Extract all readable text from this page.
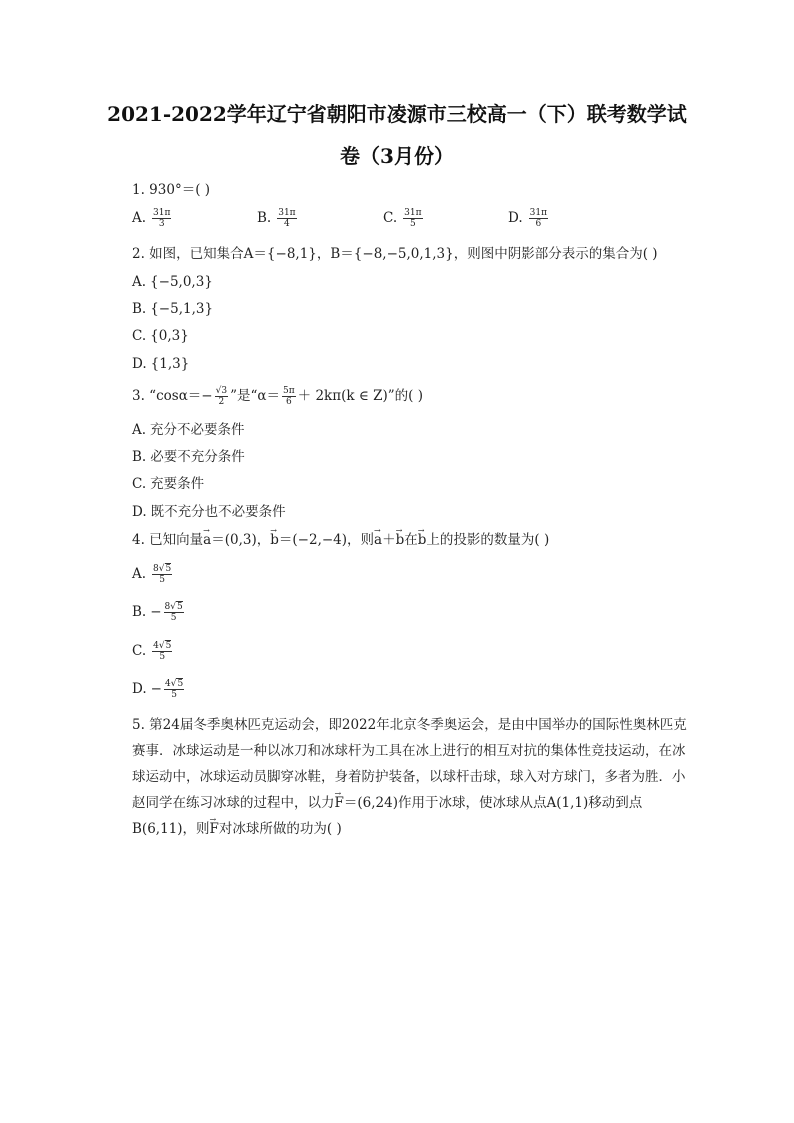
2021-2022学年辽宁省朝阳市凌源市三校高一（下）联考数学试
卷（3月份）
1. 930°＝( )
A. $\frac{31\pi}{3}$	B. $\frac{31\pi}{4}$	C. $\frac{31\pi}{5}$	D. $\frac{31\pi}{6}$
2. 如图，已知集合A＝{−8,1}，B＝{−8,−5,0,1,3}，则图中阴影部分表示的集合为( )
A. {−5,0,3}
B. {−5,1,3}
C. {0,3}
D. {1,3}
3. “$\cos\alpha=- \frac{√3}{2}$ ”是“$\alpha= \frac{5\pi}{6} + 2k\pi(k$ ∈ Z)”的( )
A. 充分不必要条件
B. 必要不充分条件
C. 充要条件
D. 既不充分也不必要条件
4. 已知向量→ a＝(0,3)，→ b＝(−2,−4)，则→ a＋→ b在→ b上的投影的数量为( )
A. $\frac{8√5}{5}$
B. − $\frac{8√5}{5}$
C. $\frac{4√5}{5}$
D. − $\frac{4√5}{5}$
5. 第24届冬季奥林匹克运动会，即2022年北京冬季奥运会，是由中国举办的国际性奥林匹克赛事．冰球运动是一种以冰刀和冰球杆为工具在冰上进行的相互对抗的集体性竞技运动，在冰球运动中，冰球运动员脚穿冰鞋，身着防护装备，以球杆击球，球入对方球门，多者为胜．小赵同学在练习冰球的过程中，以力→ F＝(6,24)作用于冰球，使冰球从点A(1,1)移动到点B(6,11)，则→ F对冰球所做的功为( )
